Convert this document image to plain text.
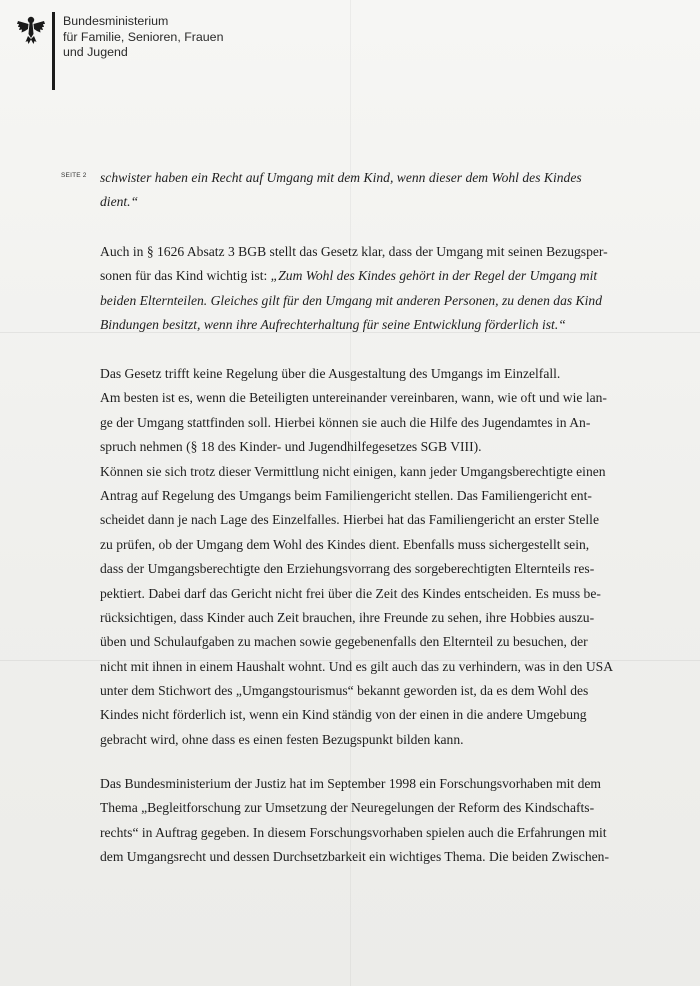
Bundesministerium
für Familie, Senioren, Frauen
und Jugend
SEITE 2 schwister haben ein Recht auf Umgang mit dem Kind, wenn dieser dem Wohl des Kindes
dient.“
Auch in § 1626 Absatz 3 BGB stellt das Gesetz klar, dass der Umgang mit seinen Bezugsper-
sonen für das Kind wichtig ist: „Zum Wohl des Kindes gehört in der Regel der Umgang mit
beiden Elternteilen. Gleiches gilt für den Umgang mit anderen Personen, zu denen das Kind
Bindungen besitzt, wenn ihre Aufrechterhaltung für seine Entwicklung förderlich ist.“
Das Gesetz trifft keine Regelung über die Ausgestaltung des Umgangs im Einzelfall.
Am besten ist es, wenn die Beteiligten untereinander vereinbaren, wann, wie oft und wie lan-
ge der Umgang stattfinden soll. Hierbei können sie auch die Hilfe des Jugendamtes in An-
spruch nehmen (§ 18 des Kinder- und Jugendhilfegesetzes SGB VIII).
Können sie sich trotz dieser Vermittlung nicht einigen, kann jeder Umgangsberechtigte einen
Antrag auf Regelung des Umgangs beim Familiengericht stellen. Das Familiengericht ent-
scheidet dann je nach Lage des Einzelfalles. Hierbei hat das Familiengericht an erster Stelle
zu prüfen, ob der Umgang dem Wohl des Kindes dient. Ebenfalls muss sichergestellt sein,
dass der Umgangsberechtigte den Erziehungsvorrang des sorgeberechtigten Elternteils res-
pektiert. Dabei darf das Gericht nicht frei über die Zeit des Kindes entscheiden. Es muss be-
rücksichtigen, dass Kinder auch Zeit brauchen, ihre Freunde zu sehen, ihre Hobbies auszu-
üben und Schulaufgaben zu machen sowie gegebenenfalls den Elternteil zu besuchen, der
nicht mit ihnen in einem Haushalt wohnt. Und es gilt auch das zu verhindern, was in den USA
unter dem Stichwort des „Umgangstourismus“ bekannt geworden ist, da es dem Wohl des
Kindes nicht förderlich ist, wenn ein Kind ständig von der einen in die andere Umgebung
gebracht wird, ohne dass es einen festen Bezugspunkt bilden kann.
Das Bundesministerium der Justiz hat im September 1998 ein Forschungsvorhaben mit dem
Thema „Begleitforschung zur Umsetzung der Neuregelungen der Reform des Kindschafts-
rechts“ in Auftrag gegeben. In diesem Forschungsvorhaben spielen auch die Erfahrungen mit
dem Umgangsrecht und dessen Durchsetzbarkeit ein wichtiges Thema. Die beiden Zwischen-
